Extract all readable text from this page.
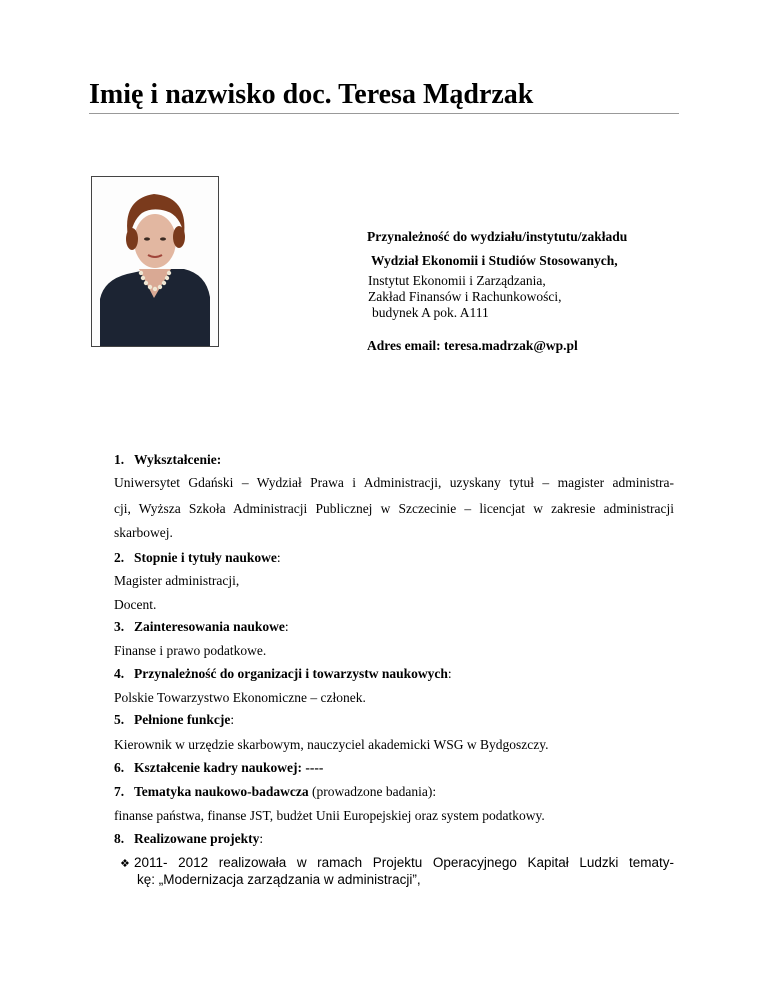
Imię i nazwisko doc. Teresa Mądrzak
Przynależność do wydziału/instytutu/zakładu
Wydział Ekonomii i Studiów Stosowanych,
Instytut Ekonomii i Zarządzania,
Zakład Finansów i Rachunkowości,
budynek A pok. A111
Adres email: teresa.madrzak@wp.pl
1. Wykształcenie:
Uniwersytet Gdański – Wydział Prawa i Administracji, uzyskany tytuł – magister administra-
cji, Wyższa Szkoła Administracji Publicznej w Szczecinie – licencjat w zakresie administracji
skarbowej.
2. Stopnie i tytuły naukowe:
Magister administracji,
Docent.
3. Zainteresowania naukowe:
Finanse i prawo podatkowe.
4. Przynależność do organizacji i towarzystw naukowych:
Polskie Towarzystwo Ekonomiczne – członek.
5. Pełnione funkcje:
Kierownik w urzędzie skarbowym, nauczyciel akademicki WSG w Bydgoszczy.
6. Kształcenie kadry naukowej: ----
7. Tematyka naukowo-badawcza (prowadzone badania):
finanse państwa, finanse JST, budżet Unii Europejskiej oraz system podatkowy.
8. Realizowane projekty:
❖ 2011- 2012 realizowała w ramach Projektu Operacyjnego Kapitał Ludzki tematy-
kę: „Modernizacja zarządzania w administracji”,
